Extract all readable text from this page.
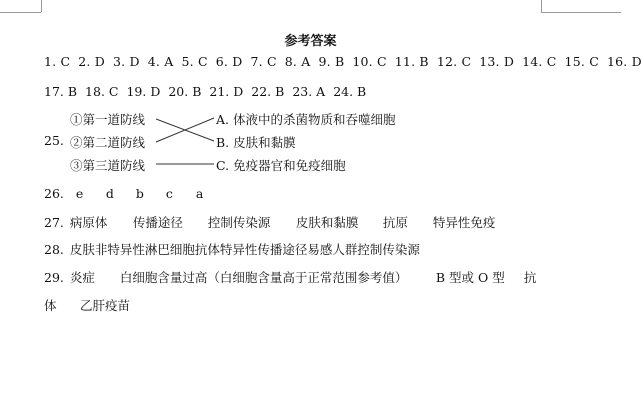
参考答案
1. C 2. D 3. D 4. A 5. C 6. D 7. C 8. A 9. B 10. C 11. B 12. C 13. D 14. C 15. C 16. D
17. B 18. C 19. D 20. B 21. D 22. B 23. A 24. B
25.
①第一道防线
②第二道防线
③第三道防线
A. 体液中的杀菌物质和吞噬细胞
B. 皮肤和黏膜
C. 免疫器官和免疫细胞
26. e d b c a
27. 病原体 传播途径 控制传染源 皮肤和黏膜 抗原 特异性免疫
28. 皮肤非特异性淋巴细胞抗体特异性传播途径易感人群控制传染源
29. 炎症 白细胞含量过高（白细胞含量高于正常范围参考值） B 型或 O 型 抗
体 乙肝疫苗
